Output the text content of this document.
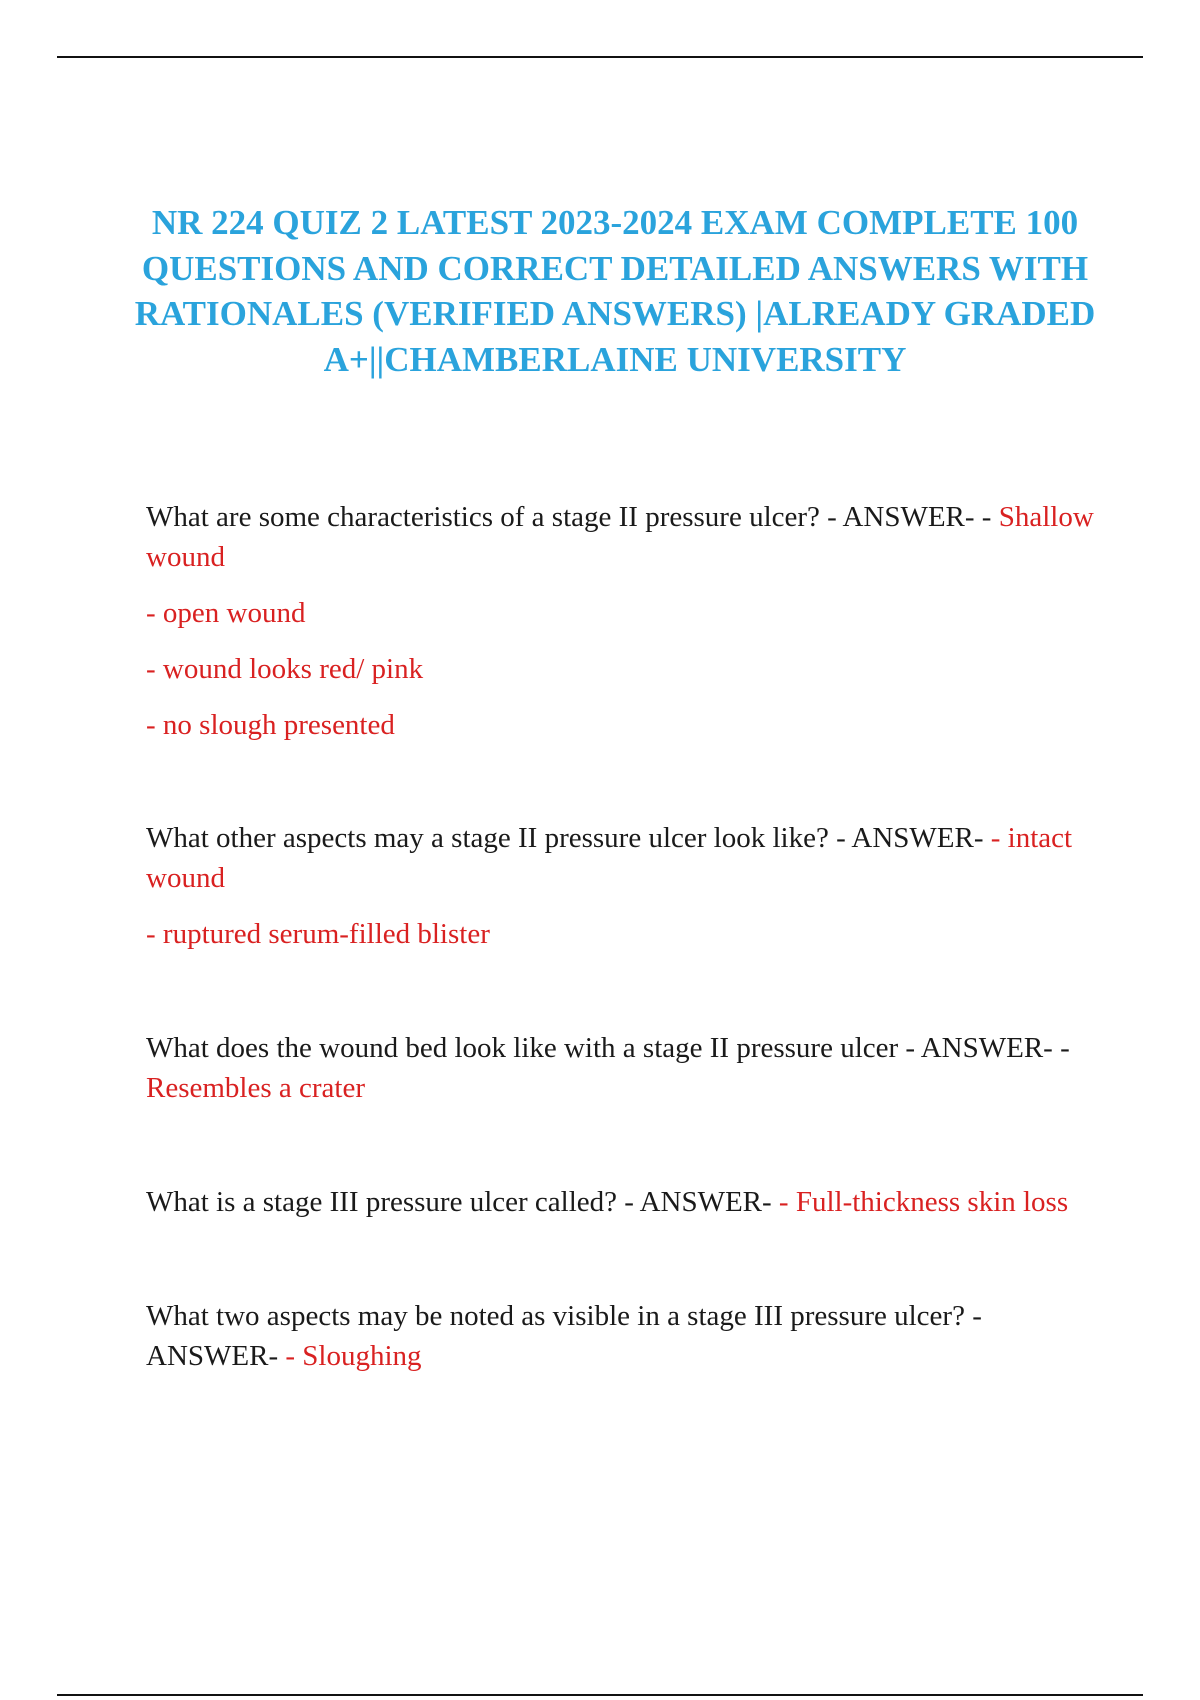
NR 224 QUIZ 2 LATEST 2023-2024 EXAM COMPLETE 100 QUESTIONS AND CORRECT DETAILED ANSWERS WITH RATIONALES (VERIFIED ANSWERS) |ALREADY GRADED A+||CHAMBERLAINE UNIVERSITY
What are some characteristics of a stage II pressure ulcer? - ANSWER- - Shallow wound
- open wound
- wound looks red/ pink
- no slough presented
What other aspects may a stage II pressure ulcer look like? - ANSWER- - intact wound
- ruptured serum-filled blister
What does the wound bed look like with a stage II pressure ulcer - ANSWER- - Resembles a crater
What is a stage III pressure ulcer called? - ANSWER- - Full-thickness skin loss
What two aspects may be noted as visible in a stage III pressure ulcer? - ANSWER- - Sloughing
